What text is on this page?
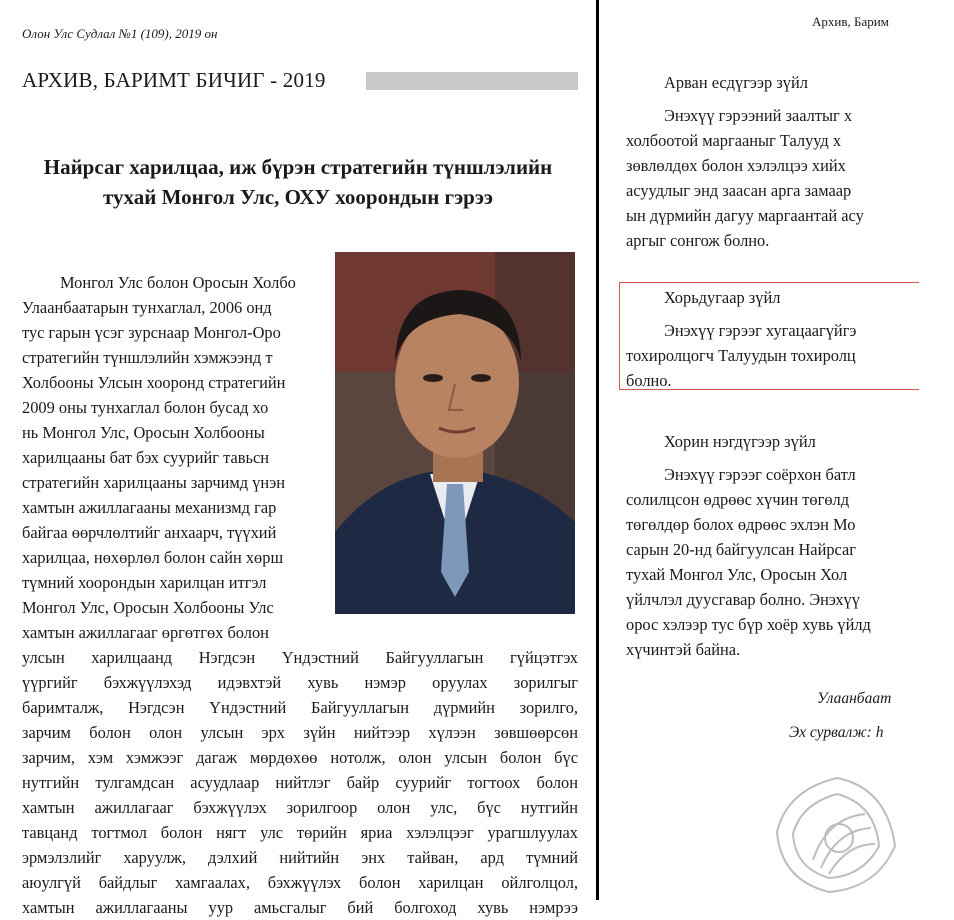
Олон Улс Судлал №1 (109), 2019 он
АРХИВ, БАРИМТ БИЧИГ - 2019
Найрсаг харилцаа, иж бүрэн стратегийн түншлэлийн тухай Монгол Улс, ОХУ хоорондын гэрээ
Монгол Улс болон Оросын Холбо
Улаанбаатарын тунхаглал, 2006 онд
тус гарын үсэг зурснаар Монгол-Оро
стратегийн түншлэлийн хэмжээнд т
Холбооны Улсын хооронд стратегийн
2009 оны тунхаглал болон бусад хо
нь Монгол Улс, Оросын Холбооны
харилцааны бат бэх суурийг тавьсн
стратегийн харилцааны зарчимд үнэн
хамтын ажиллагааны механизмд гар
байгаа өөрчлөлтийг анхаарч, түүхий
харилцаа, нөхөрлөл болон сайн хөрш
түмний хоорондын харилцан итгэл
Монгол Улс, Оросын Холбооны Улс
хамтын ажиллагааг өргөтгөх болон
улсын харилцаанд Нэгдсэн Үндэстний Байгууллагын гүйцэтгэх
үүргийг бэхжүүлэхэд идэвхтэй хувь нэмэр оруулах зорилгыг
баримталж, Нэгдсэн Үндэстний Байгууллагын дүрмийн зорилго,
зарчим болон олон улсын эрх зүйн нийтээр хүлээн зөвшөөрсөн
зарчим, хэм хэмжээг дагаж мөрдөхөө нотолж, олон улсын болон бүс
нутгийн тулгамдсан асуудлаар нийтлэг байр суурийг тогтоох болон
хамтын ажиллагааг бэхжүүлэх зорилгоор олон улс, бүс нутгийн
тавцанд тогтмол болон нягт улс төрийн яриа хэлэлцээг урагшлуулах
эрмэлзлийг харуулж, дэлхий нийтийн энх тайван, ард түмний
аюулгүй байдлыг хамгаалах, бэхжүүлэх болон харилцан ойлголцол,
хамтын ажиллагааны уур амьсгалыг бий болгоход хувь нэмрээ
Архив, Барим
Арван есдүгээр зүйл
Энэхүү гэрээний заалтыг х
холбоотой маргааныг Талууд х
зөвлөлдөх болон хэлэлцээ хийх
асуудлыг энд заасан арга замаар
ын дүрмийн дагуу маргаантай асу
аргыг сонгож болно.
Хорьдугаар зүйл
Энэхүү гэрээг хугацаагүйгэ
тохиролцогч Талуудын тохиролц
болно.
Хорин нэгдүгээр зүйл
Энэхүү гэрээг соёрхон батл
солилцсон өдрөөс хүчин төгөлд
төгөлдөр болох өдрөөс эхлэн Мо
сарын 20-нд байгуулсан Найрсаг
тухай Монгол Улс, Оросын Хол
үйлчлэл дуусгавар болно. Энэхүү
орос хэлээр тус бүр хоёр хувь үйлд
хүчинтэй байна.
Улаанбаат
Эх сурвалж: h
